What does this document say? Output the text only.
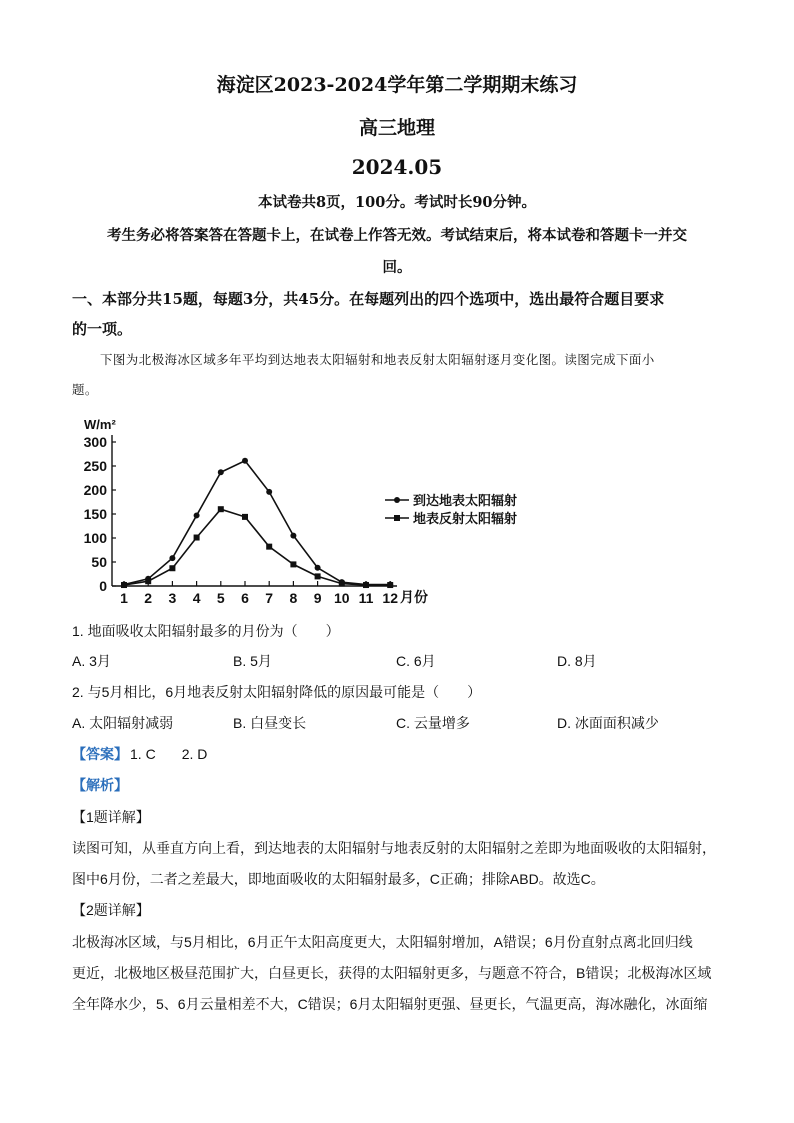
海淀区2023-2024学年第二学期期末练习
高三地理
2024.05
本试卷共8页，100分。考试时长90分钟。
考生务必将答案答在答题卡上，在试卷上作答无效。考试结束后，将本试卷和答题卡一并交
回。
一、本部分共15题，每题3分，共45分。在每题列出的四个选项中，选出最符合题目要求
的一项。
下图为北极海冰区域多年平均到达地表太阳辐射和地表反射太阳辐射逐月变化图。读图完成下面小
题。
W/m²
0
50
100
150
200
250
300
1 2 3 4 5 6 7 8 9 10 11 12 月份
到达地表太阳辐射
地表反射太阳辐射
1. 地面吸收太阳辐射最多的月份为（　　）
A. 3月	B. 5月	C. 6月	D. 8月
2. 与5月相比，6月地表反射太阳辐射降低的原因最可能是（　　）
A. 太阳辐射减弱	B. 白昼变长	C. 云量增多	D. 冰面面积减少
【答案】 1. C 2. D
【解析】
【1题详解】
读图可知，从垂直方向上看，到达地表的太阳辐射与地表反射的太阳辐射之差即为地面吸收的太阳辐射，
图中6月份，二者之差最大，即地面吸收的太阳辐射最多，C正确；排除ABD。故选C。
【2题详解】
北极海冰区域，与5月相比，6月正午太阳高度更大，太阳辐射增加，A错误；6月份直射点离北回归线
更近，北极地区极昼范围扩大，白昼更长，获得的太阳辐射更多，与题意不符合，B错误；北极海冰区域
全年降水少，5、6月云量相差不大，C错误；6月太阳辐射更强、昼更长，气温更高，海冰融化，冰面缩
